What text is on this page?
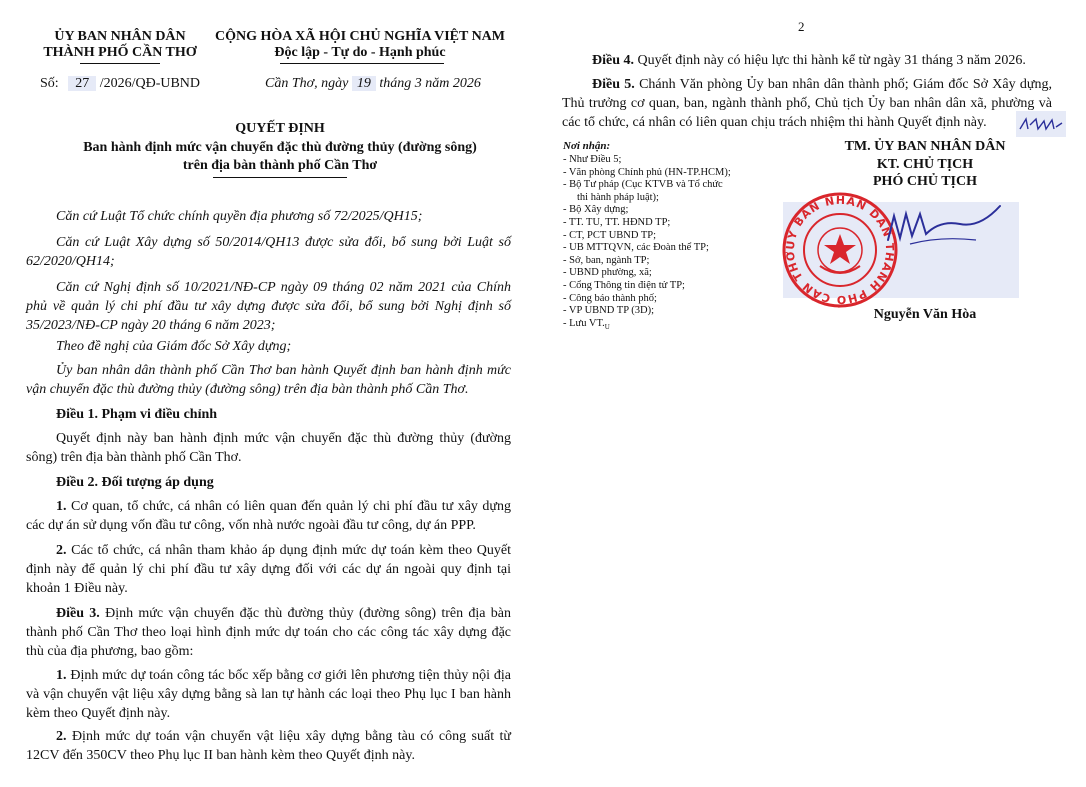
ỦY BAN NHÂN DÂN
THÀNH PHỐ CẦN THƠ
CỘNG HÒA XÃ HỘI CHỦ NGHĨA VIỆT NAM
Độc lập - Tự do - Hạnh phúc
Số: 27 /2026/QĐ-UBND	Cần Thơ, ngày 19 tháng 3 năm 2026
QUYẾT ĐỊNH
Ban hành định mức vận chuyển đặc thù đường thủy (đường sông)
trên địa bàn thành phố Cần Thơ
Căn cứ Luật Tổ chức chính quyền địa phương số 72/2025/QH15;
Căn cứ Luật Xây dựng số 50/2014/QH13 được sửa đổi, bổ sung bởi Luật số 62/2020/QH14;
Căn cứ Nghị định số 10/2021/NĐ-CP ngày 09 tháng 02 năm 2021 của Chính phủ về quản lý chi phí đầu tư xây dựng được sửa đổi, bổ sung bởi Nghị định số 35/2023/NĐ-CP ngày 20 tháng 6 năm 2023;
Theo đề nghị của Giám đốc Sở Xây dựng;
Ủy ban nhân dân thành phố Cần Thơ ban hành Quyết định ban hành định mức vận chuyển đặc thù đường thủy (đường sông) trên địa bàn thành phố Cần Thơ.
Điều 1. Phạm vi điều chỉnh
Quyết định này ban hành định mức vận chuyển đặc thù đường thủy (đường sông) trên địa bàn thành phố Cần Thơ.
Điều 2. Đối tượng áp dụng
1. Cơ quan, tổ chức, cá nhân có liên quan đến quản lý chi phí đầu tư xây dựng các dự án sử dụng vốn đầu tư công, vốn nhà nước ngoài đầu tư công, dự án PPP.
2. Các tổ chức, cá nhân tham khảo áp dụng định mức dự toán kèm theo Quyết định này để quản lý chi phí đầu tư xây dựng đối với các dự án ngoài quy định tại khoản 1 Điều này.
Điều 3. Định mức vận chuyển đặc thù đường thủy (đường sông) trên địa bàn thành phố Cần Thơ theo loại hình định mức dự toán cho các công tác xây dựng đặc thù của địa phương, bao gồm:
1. Định mức dự toán công tác bốc xếp bằng cơ giới lên phương tiện thủy nội địa và vận chuyển vật liệu xây dựng bằng sà lan tự hành các loại theo Phụ lục I ban hành kèm theo Quyết định này.
2. Định mức dự toán vận chuyển vật liệu xây dựng bằng tàu có công suất từ 12CV đến 350CV theo Phụ lục II ban hành kèm theo Quyết định này.
2
Điều 4. Quyết định này có hiệu lực thi hành kể từ ngày 31 tháng 3 năm 2026.
Điều 5. Chánh Văn phòng Ủy ban nhân dân thành phố; Giám đốc Sở Xây dựng, Thủ trưởng cơ quan, ban, ngành thành phố, Chủ tịch Ủy ban nhân dân xã, phường và các tổ chức, cá nhân có liên quan chịu trách nhiệm thi hành Quyết định này.
Nơi nhận:
- Như Điều 5;
- Văn phòng Chính phủ (HN-TP.HCM);
- Bộ Tư pháp (Cục KTVB và Tổ chức
thi hành pháp luật);
- Bộ Xây dựng;
- TT. TU, TT. HĐND TP;
- CT, PCT UBND TP;
- UB MTTQVN, các Đoàn thể TP;
- Sở, ban, ngành TP;
- UBND phường, xã;
- Cổng Thông tin điện tử TP;
- Công báo thành phố;
- VP UBND TP (3D);
- Lưu $VT._U$
TM. ỦY BAN NHÂN DÂN
KT. CHỦ TỊCH
PHÓ CHỦ TỊCH
ỦY BAN NHÂN DÂN THÀNH PHỐ CẦN THƠ
Nguyễn Văn Hòa
